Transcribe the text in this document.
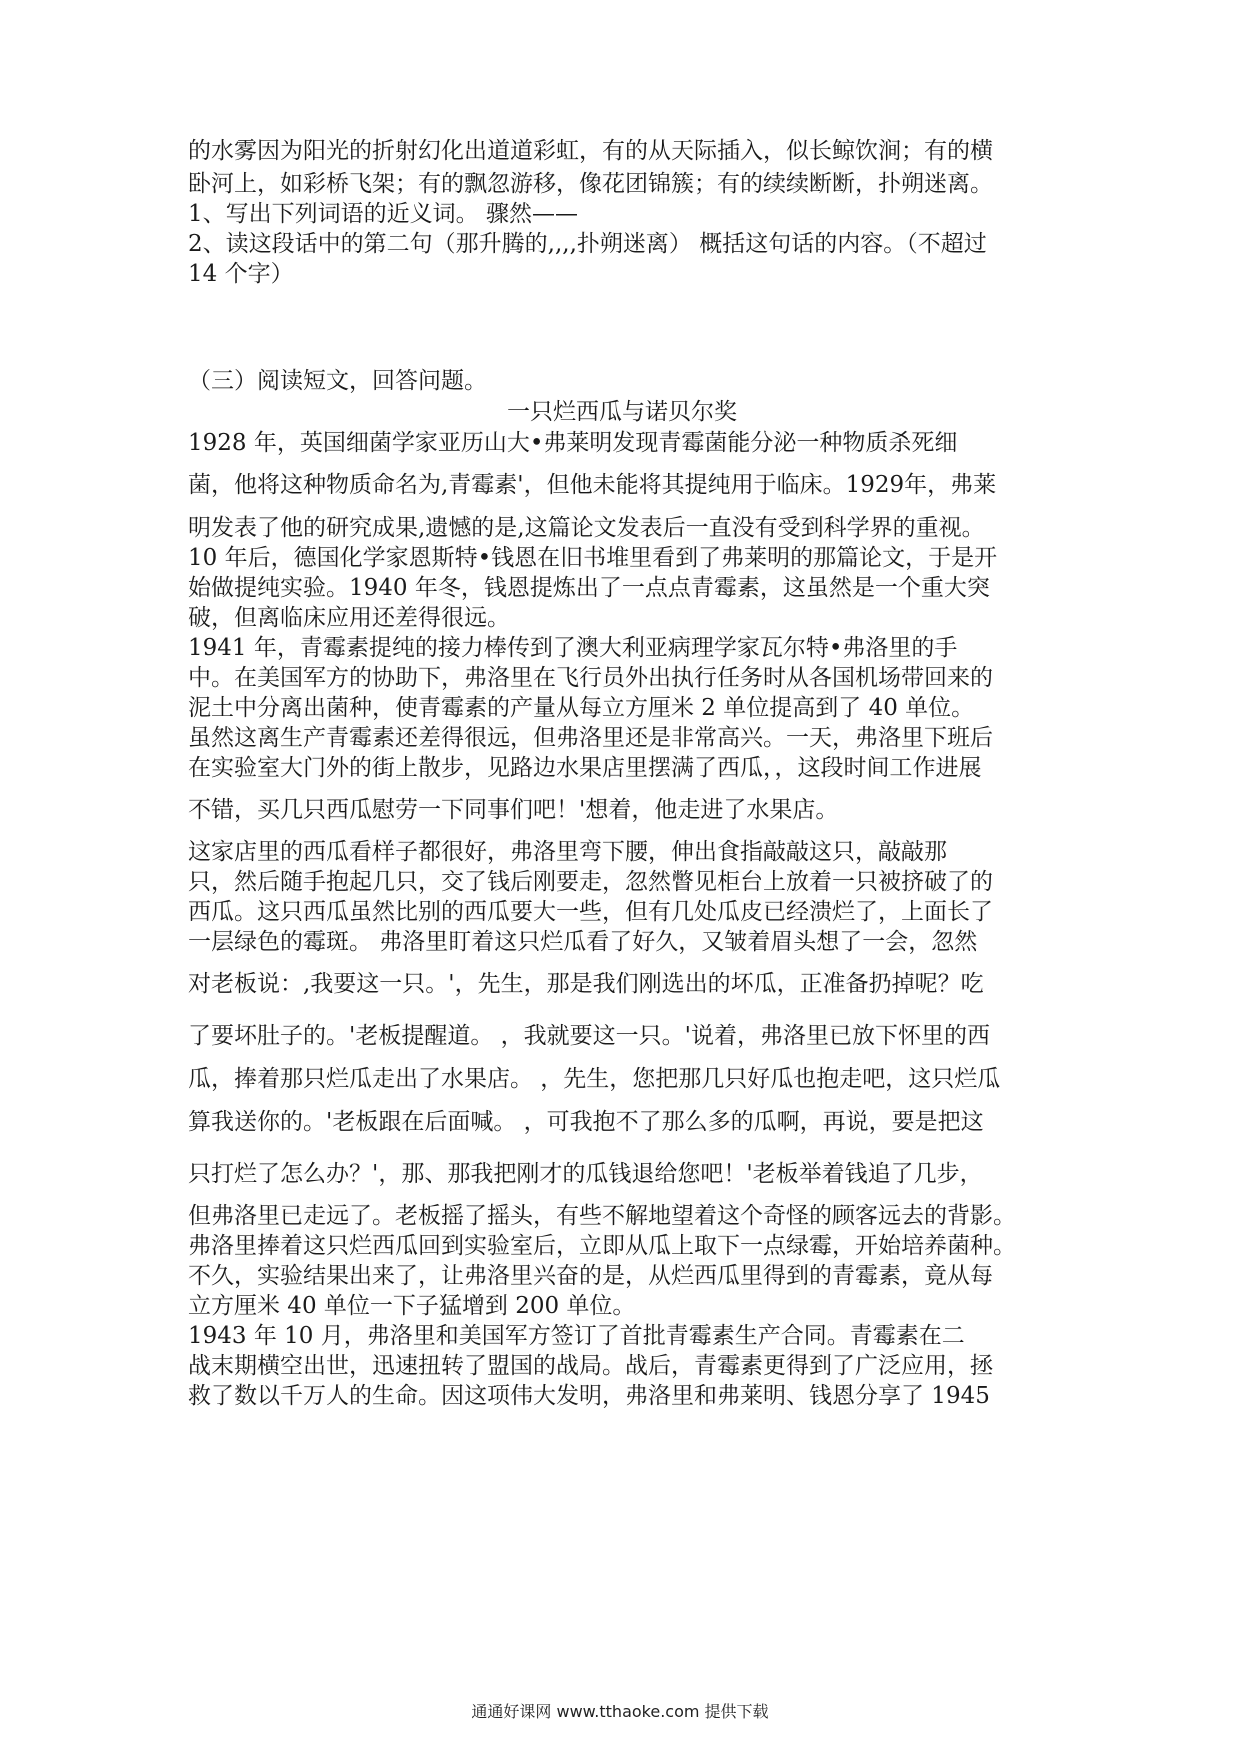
的水雾因为阳光的折射幻化出道道彩虹，有的从天际插入，似长鲸饮涧；有的横
卧河上，如彩桥飞架；有的飘忽游移，像花团锦簇；有的续续断断，扑朔迷离。
1、写出下列词语的近义词。 骤然——
2、读这段话中的第二句（那升腾的,,,,扑朔迷离） 概括这句话的内容。（不超过
14 个字）
（三）阅读短文，回答问题。
一只烂西瓜与诺贝尔奖
1928 年，英国细菌学家亚历山大•弗莱明发现青霉菌能分泌一种物质杀死细
菌，他将这种物质命名为,青霉素'，但他未能将其提纯用于临床。1929年，弗莱
明发表了他的研究成果,遗憾的是,这篇论文发表后一直没有受到科学界的重视。
10 年后，德国化学家恩斯特•钱恩在旧书堆里看到了弗莱明的那篇论文，于是开
始做提纯实验。1940 年冬，钱恩提炼出了一点点青霉素，这虽然是一个重大突
破，但离临床应用还差得很远。
1941 年，青霉素提纯的接力棒传到了澳大利亚病理学家瓦尔特•弗洛里的手
中。在美国军方的协助下，弗洛里在飞行员外出执行任务时从各国机场带回来的
泥土中分离出菌种，使青霉素的产量从每立方厘米 2 单位提高到了 40 单位。
虽然这离生产青霉素还差得很远，但弗洛里还是非常高兴。一天，弗洛里下班后
在实验室大门外的街上散步，见路边水果店里摆满了西瓜，，这段时间工作进展
不错，买几只西瓜慰劳一下同事们吧！'想着，他走进了水果店。
这家店里的西瓜看样子都很好，弗洛里弯下腰，伸出食指敲敲这只，敲敲那
只，然后随手抱起几只，交了钱后刚要走，忽然瞥见柜台上放着一只被挤破了的
西瓜。这只西瓜虽然比别的西瓜要大一些，但有几处瓜皮已经溃烂了，上面长了
一层绿色的霉斑。 弗洛里盯着这只烂瓜看了好久，又皱着眉头想了一会，忽然
对老板说：,我要这一只。'，先生，那是我们刚选出的坏瓜，正准备扔掉呢？吃
了要坏肚子的。'老板提醒道。 ，我就要这一只。'说着，弗洛里已放下怀里的西
瓜，捧着那只烂瓜走出了水果店。 ，先生，您把那几只好瓜也抱走吧，这只烂瓜
算我送你的。'老板跟在后面喊。 ，可我抱不了那么多的瓜啊，再说，要是把这
只打烂了怎么办？'，那、那我把刚才的瓜钱退给您吧！'老板举着钱追了几步，
但弗洛里已走远了。老板摇了摇头，有些不解地望着这个奇怪的顾客远去的背影。
弗洛里捧着这只烂西瓜回到实验室后，立即从瓜上取下一点绿霉，开始培养菌种。
不久，实验结果出来了，让弗洛里兴奋的是，从烂西瓜里得到的青霉素，竟从每
立方厘米 40 单位一下子猛增到 200 单位。
1943 年 10 月，弗洛里和美国军方签订了首批青霉素生产合同。青霉素在二
战末期横空出世，迅速扭转了盟国的战局。战后，青霉素更得到了广泛应用，拯
救了数以千万人的生命。因这项伟大发明，弗洛里和弗莱明、钱恩分享了 1945
通通好课网 www.tthaoke.com 提供下载
